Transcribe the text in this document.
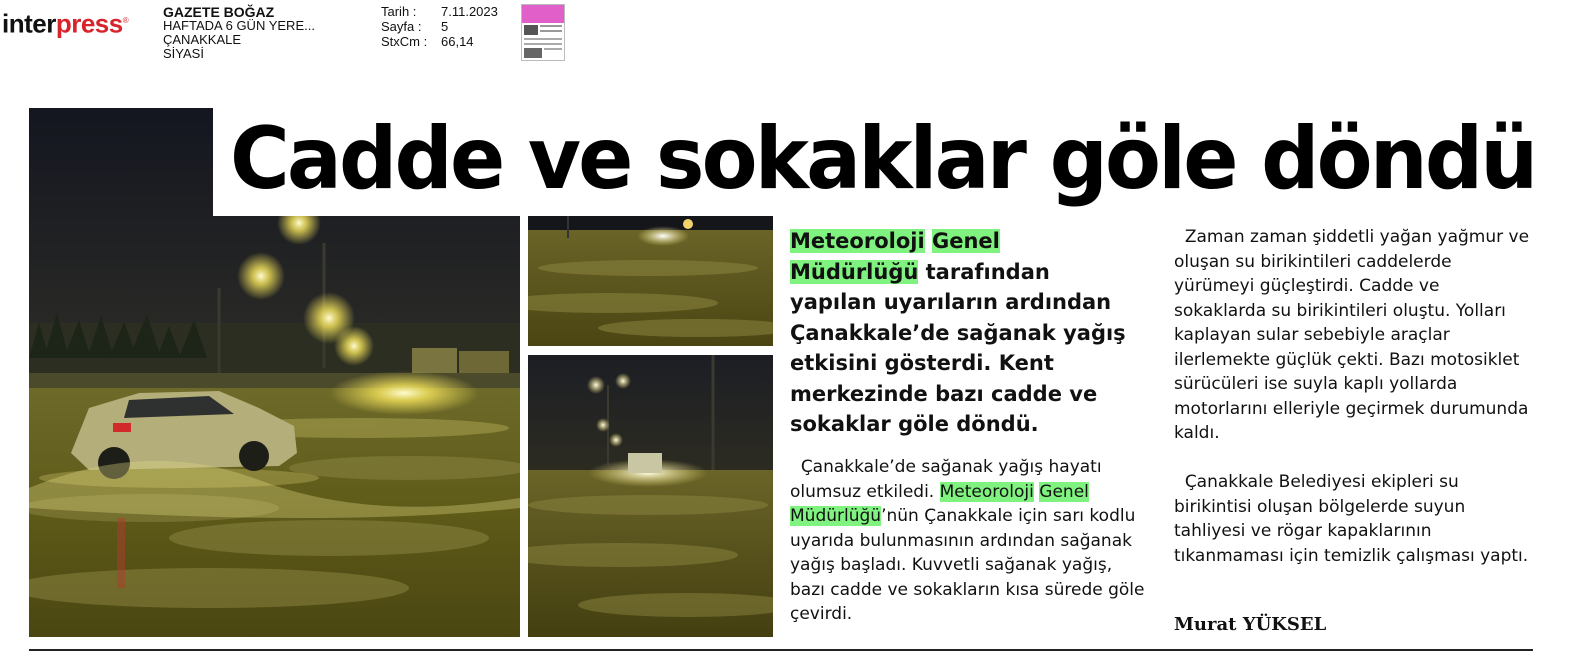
interpress®
GAZETE BOĞAZ
HAFTADA 6 GÜN YERE...
ÇANAKKALE
SİYASİ
Tarih : 7.11.2023
Sayfa : 5
StxCm : 66,14
Cadde ve sokaklar göle döndü
Meteoroloji Genel Müdürlüğü tarafından yapılan uyarıların ardından Çanakkale’de sağanak yağış etkisini gösterdi. Kent merkezinde bazı cadde ve sokaklar göle döndü.
Çanakkale’de sağanak yağış hayatı olumsuz etkiledi. Meteoroloji Genel Müdürlüğü’nün Çanakkale için sarı kodlu uyarıda bulunmasının ardından sağanak yağış başladı. Kuvvetli sağanak yağış, bazı cadde ve sokakların kısa sürede göle çevirdi.
Zaman zaman şiddetli yağan yağmur ve oluşan su birikintileri caddelerde yürümeyi güçleştirdi. Cadde ve sokaklarda su birikintileri oluştu. Yolları kaplayan sular sebebiyle araçlar ilerlemekte güçlük çekti. Bazı motosiklet sürücüleri ise suyla kaplı yollarda motorlarını elleriyle geçirmek durumunda kaldı.
Çanakkale Belediyesi ekipleri su birikintisi oluşan bölgelerde suyun tahliyesi ve rögar kapaklarının tıkanmaması için temizlik çalışması yaptı.
Murat YÜKSEL
